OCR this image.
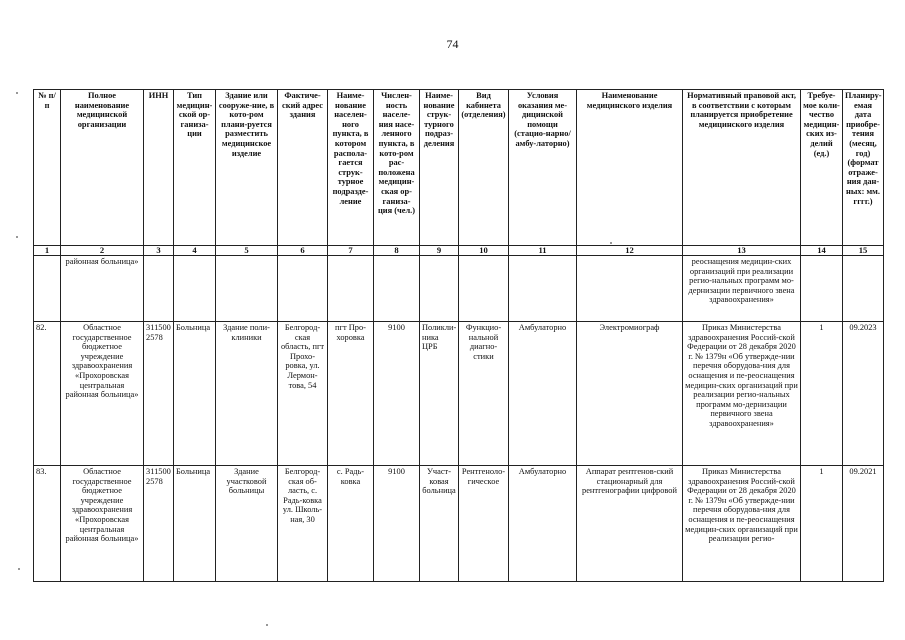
74
№ п/п	Полное наименование медицинской организации	ИНН	Тип медицин-ской ор-ганиза-ции	Здание или сооруже-ние, в кото-ром плани-руется разместить медицинское изделие	Фактиче-ский адрес здания	Наиме-нование населен-ного пункта, в котором располa-гается струк-турное подразде-ление	Числен-ность населе-ния насе-ленного пункта, в кото-ром рас-положена медицин-ская ор-ганиза-ция (чел.)	Наиме-нование струк-турного подраз-деления	Вид кабинета (отделения)	Условия оказания ме-дицинской помощи (стацио-нарно/амбу-латорно)	Наименование медицинского изделия	Нормативный правовой акт, в соответствии с которым планируется приобретение медицинского изделия	Требуе-мое коли-чество медицин-ских из-делий (ед.)	Планиру-емая дата приобре-тения (месяц, год) (формат отраже-ния дан-ных: мм. гггг.)
1	2	3	4	5	6	7	8	9	10	11	12	13	14	15
	районная больница»											реоснащения медицин-ских организаций при реализации регио-нальных программ мо-дернизации первичного звена здравоохранения»		
82.	Областное государственное бюджетное учреждение здравоохранения «Прохоровская центральная районная больница»	3115002578	Больница	Здание поли-клиники	Белгород-ская область, пгт Прохо-ровка, ул. Лермон-това, 54	пгт Про-хоровка	9100	Поликли-ника ЦРБ	Функцио-нальной диагно-стики	Амбулаторно	Электромиограф	Приказ Министерства здравоохранения Россий-ской Федерации от 28 декабря 2020 г. № 1379н «Об утвержде-нии перечня оборудова-ния для оснащения и пе-реоснащения медицин-ских организаций при реализации регио-нальных программ мо-дернизации первичного звена здравоохранения»	1	09.2023
83.	Областное государственное бюджетное учреждение здравоохранения «Прохоровская центральная районная больница»	3115002578	Больница	Здание участковой больницы	Белгород-ская об-ласть, с. Радь-ковка ул. Школь-ная, 30	с. Радь-ковка	9100	Участ-ковая больница	Рентгеноло-гическое	Амбулаторно	Аппарат рентгенов-ский стационарный для рентгенографии цифровой	Приказ Министерства здравоохранения Россий-ской Федерации от 28 декабря 2020 г. № 1379н «Об утвержде-нии перечня оборудова-ния для оснащения и пе-реоснащения медицин-ских организаций при реализации регио-	1	09.2021
